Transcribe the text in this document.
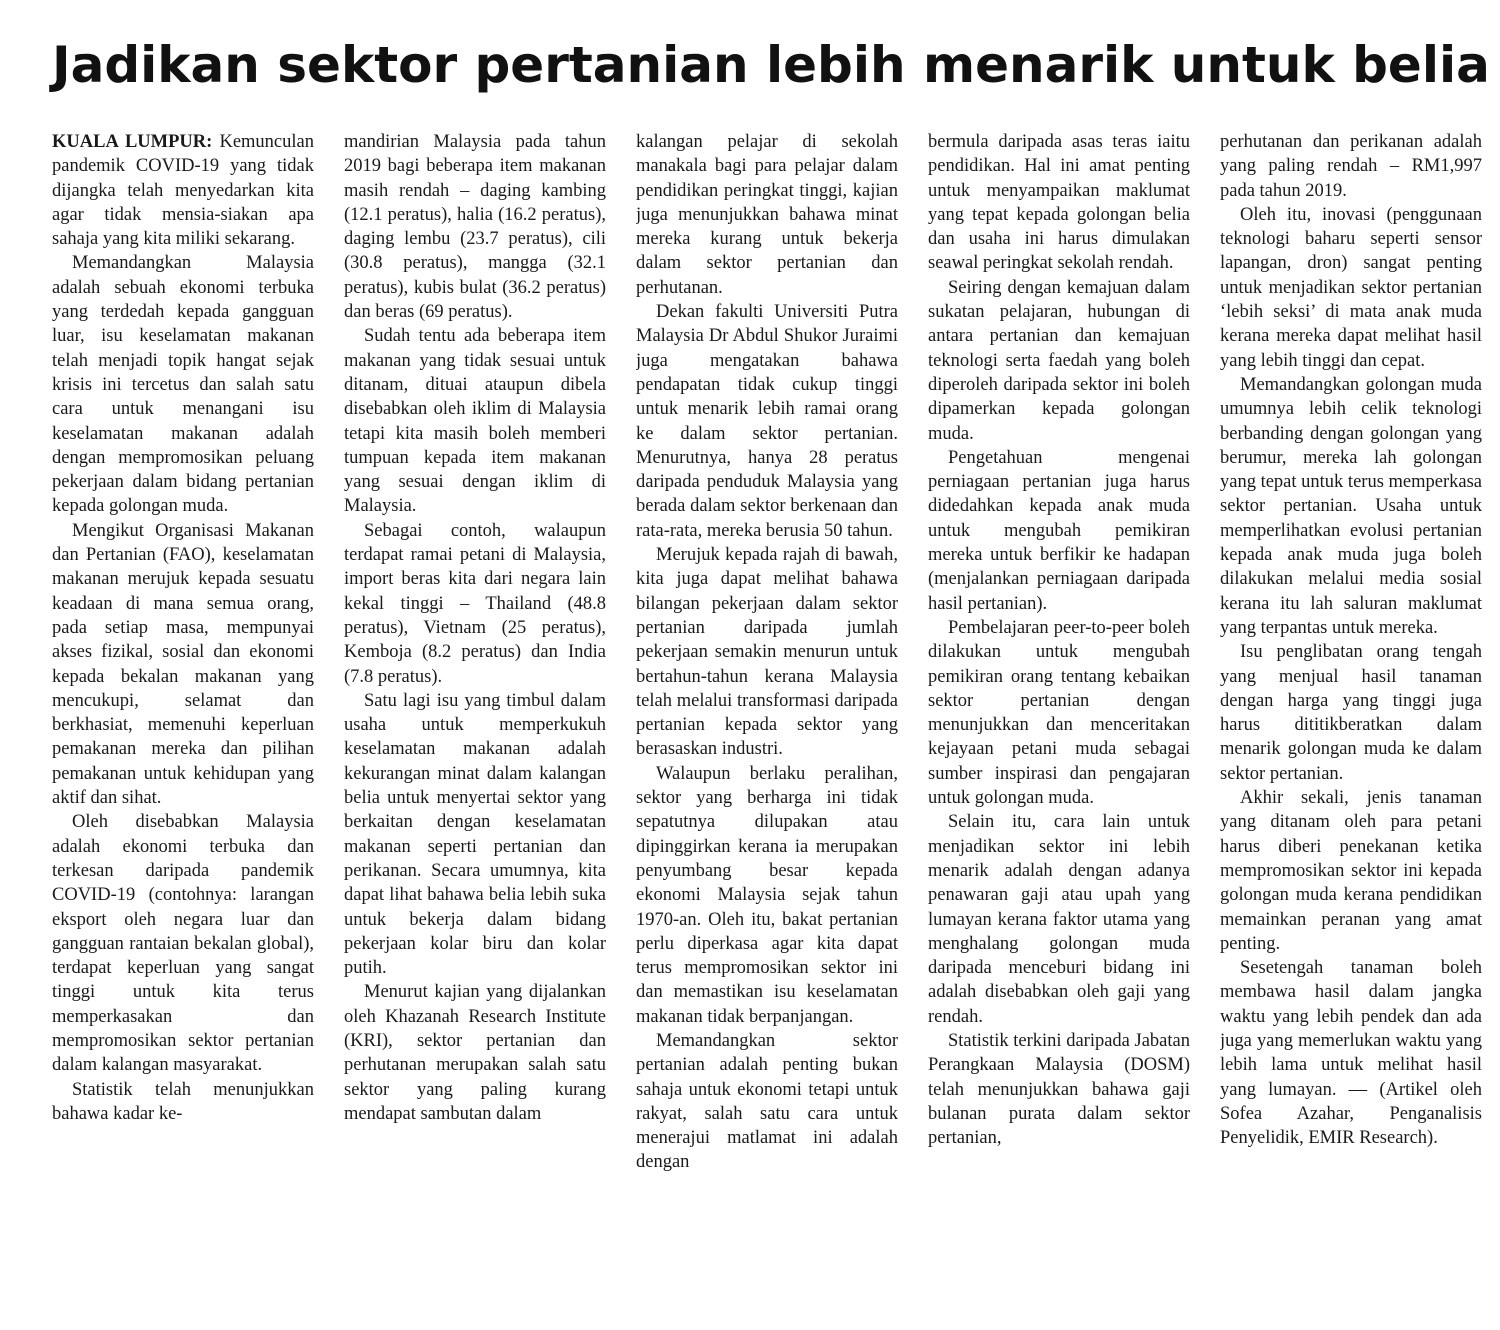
Jadikan sektor pertanian lebih menarik untuk belia

KUALA LUMPUR: Kemunculan pandemik COVID-19 yang tidak dijangka telah menyedarkan kita agar tidak mensia-siakan apa sahaja yang kita miliki sekarang.

Memandangkan Malaysia adalah sebuah ekonomi terbuka yang terdedah kepada gangguan luar, isu keselamatan makanan telah menjadi topik hangat sejak krisis ini tercetus dan salah satu cara untuk menangani isu keselamatan makanan adalah dengan mempromosikan peluang pekerjaan dalam bidang pertanian kepada golongan muda.

Mengikut Organisasi Makanan dan Pertanian (FAO), keselamatan makanan merujuk kepada sesuatu keadaan di mana semua orang, pada setiap masa, mempunyai akses fizikal, sosial dan ekonomi kepada bekalan makanan yang mencukupi, selamat dan berkhasiat, memenuhi keperluan pemakanan mereka dan pilihan pemakanan untuk kehidupan yang aktif dan sihat.

Oleh disebabkan Malaysia adalah ekonomi terbuka dan terkesan daripada pandemik COVID-19 (contohnya: larangan eksport oleh negara luar dan gangguan rantaian bekalan global), terdapat keperluan yang sangat tinggi untuk kita terus memperkasakan dan mempromosikan sektor pertanian dalam kalangan masyarakat.

Statistik telah menunjukkan bahawa kadar ke-

mandirian Malaysia pada tahun 2019 bagi beberapa item makanan masih rendah – daging kambing (12.1 peratus), halia (16.2 peratus), daging lembu (23.7 peratus), cili (30.8 peratus), mangga (32.1 peratus), kubis bulat (36.2 peratus) dan beras (69 peratus).

Sudah tentu ada beberapa item makanan yang tidak sesuai untuk ditanam, dituai ataupun dibela disebabkan oleh iklim di Malaysia tetapi kita masih boleh memberi tumpuan kepada item makanan yang sesuai dengan iklim di Malaysia.

Sebagai contoh, walaupun terdapat ramai petani di Malaysia, import beras kita dari negara lain kekal tinggi – Thailand (48.8 peratus), Vietnam (25 peratus), Kemboja (8.2 peratus) dan India (7.8 peratus).

Satu lagi isu yang timbul dalam usaha untuk memperkukuh keselamatan makanan adalah kekurangan minat dalam kalangan belia untuk menyertai sektor yang berkaitan dengan keselamatan makanan seperti pertanian dan perikanan. Secara umumnya, kita dapat lihat bahawa belia lebih suka untuk bekerja dalam bidang pekerjaan kolar biru dan kolar putih.

Menurut kajian yang dijalankan oleh Khazanah Research Institute (KRI), sektor pertanian dan perhutanan merupakan salah satu sektor yang paling kurang mendapat sambutan dalam

kalangan pelajar di sekolah manakala bagi para pelajar dalam pendidikan peringkat tinggi, kajian juga menunjukkan bahawa minat mereka kurang untuk bekerja dalam sektor pertanian dan perhutanan.

Dekan fakulti Universiti Putra Malaysia Dr Abdul Shukor Juraimi juga mengatakan bahawa pendapatan tidak cukup tinggi untuk menarik lebih ramai orang ke dalam sektor pertanian. Menurutnya, hanya 28 peratus daripada penduduk Malaysia yang berada dalam sektor berkenaan dan rata-rata, mereka berusia 50 tahun.

Merujuk kepada rajah di bawah, kita juga dapat melihat bahawa bilangan pekerjaan dalam sektor pertanian daripada jumlah pekerjaan semakin menurun untuk bertahun-tahun kerana Malaysia telah melalui transformasi daripada pertanian kepada sektor yang berasaskan industri.

Walaupun berlaku peralihan, sektor yang berharga ini tidak sepatutnya dilupakan atau dipinggirkan kerana ia merupakan penyumbang besar kepada ekonomi Malaysia sejak tahun 1970-an. Oleh itu, bakat pertanian perlu diperkasa agar kita dapat terus mempromosikan sektor ini dan memastikan isu keselamatan makanan tidak berpanjangan.

Memandangkan sektor pertanian adalah penting bukan sahaja untuk ekonomi tetapi untuk rakyat, salah satu cara untuk menerajui matlamat ini adalah dengan

bermula daripada asas teras iaitu pendidikan. Hal ini amat penting untuk menyampaikan maklumat yang tepat kepada golongan belia dan usaha ini harus dimulakan seawal peringkat sekolah rendah.

Seiring dengan kemajuan dalam sukatan pelajaran, hubungan di antara pertanian dan kemajuan teknologi serta faedah yang boleh diperoleh daripada sektor ini boleh dipamerkan kepada golongan muda.

Pengetahuan mengenai perniagaan pertanian juga harus didedahkan kepada anak muda untuk mengubah pemikiran mereka untuk berfikir ke hadapan (menjalankan perniagaan daripada hasil pertanian).

Pembelajaran peer-to-peer boleh dilakukan untuk mengubah pemikiran orang tentang kebaikan sektor pertanian dengan menunjukkan dan menceritakan kejayaan petani muda sebagai sumber inspirasi dan pengajaran untuk golongan muda.

Selain itu, cara lain untuk menjadikan sektor ini lebih menarik adalah dengan adanya penawaran gaji atau upah yang lumayan kerana faktor utama yang menghalang golongan muda daripada menceburi bidang ini adalah disebabkan oleh gaji yang rendah.

Statistik terkini daripada Jabatan Perangkaan Malaysia (DOSM) telah menunjukkan bahawa gaji bulanan purata dalam sektor pertanian,

perhutanan dan perikanan adalah yang paling rendah – RM1,997 pada tahun 2019.

Oleh itu, inovasi (penggunaan teknologi baharu seperti sensor lapangan, dron) sangat penting untuk menjadikan sektor pertanian ‘lebih seksi’ di mata anak muda kerana mereka dapat melihat hasil yang lebih tinggi dan cepat.

Memandangkan golongan muda umumnya lebih celik teknologi berbanding dengan golongan yang berumur, mereka lah golongan yang tepat untuk terus memperkasa sektor pertanian. Usaha untuk memperlihatkan evolusi pertanian kepada anak muda juga boleh dilakukan melalui media sosial kerana itu lah saluran maklumat yang terpantas untuk mereka.

Isu penglibatan orang tengah yang menjual hasil tanaman dengan harga yang tinggi juga harus dititikberatkan dalam menarik golongan muda ke dalam sektor pertanian.

Akhir sekali, jenis tanaman yang ditanam oleh para petani harus diberi penekanan ketika mempromosikan sektor ini kepada golongan muda kerana pendidikan memainkan peranan yang amat penting.

Sesetengah tanaman boleh membawa hasil dalam jangka waktu yang lebih pendek dan ada juga yang memerlukan waktu yang lebih lama untuk melihat hasil yang lumayan. — (Artikel oleh Sofea Azahar, Penganalisis Penyelidik, EMIR Research).
